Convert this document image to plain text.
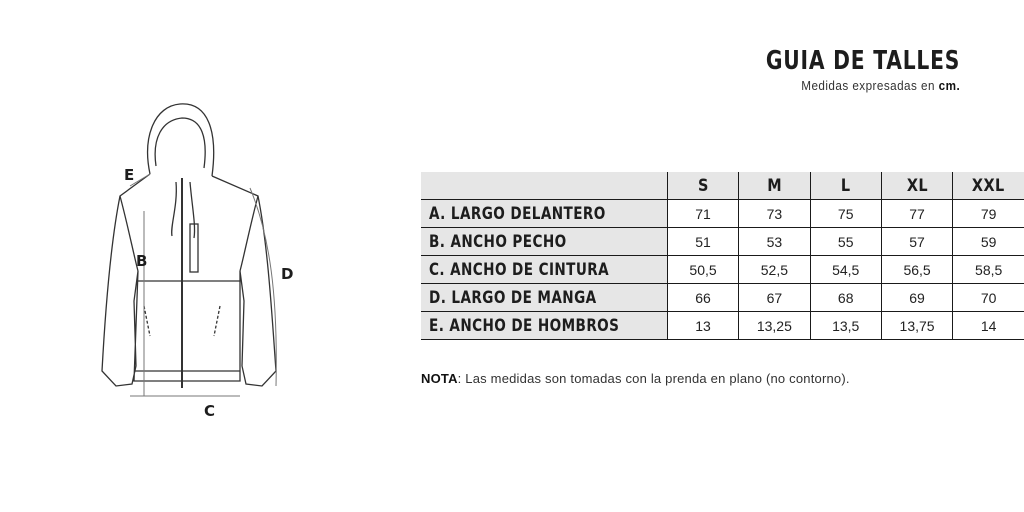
GUIA DE TALLES
Medidas expresadas en cm.
E
B
C
D
	S	M	L	XL	XXL
A. LARGO DELANTERO	71	73	75	77	79
B. ANCHO PECHO	51	53	55	57	59
C. ANCHO DE CINTURA	50,5	52,5	54,5	56,5	58,5
D. LARGO DE MANGA	66	67	68	69	70
E. ANCHO DE HOMBROS	13	13,25	13,5	13,75	14
NOTA: Las medidas son tomadas con la prenda en plano (no contorno).
